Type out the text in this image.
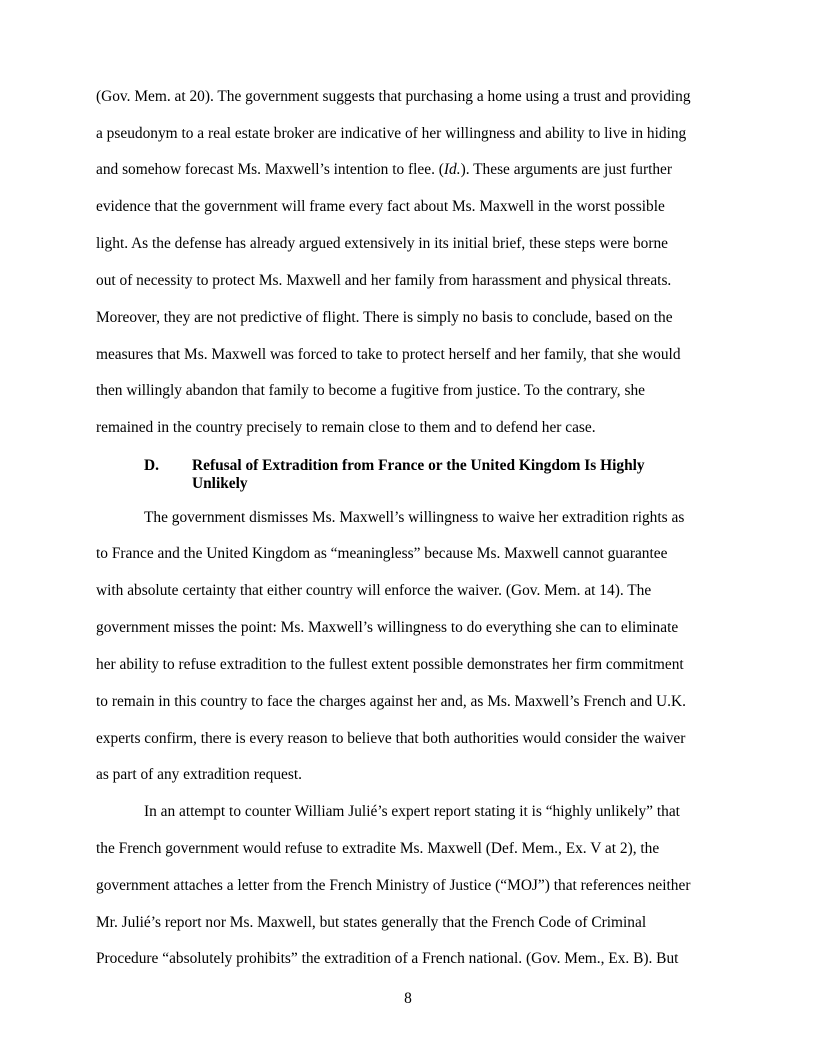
(Gov. Mem. at 20). The government suggests that purchasing a home using a trust and providing
a pseudonym to a real estate broker are indicative of her willingness and ability to live in hiding
and somehow forecast Ms. Maxwell’s intention to flee. (Id.). These arguments are just further
evidence that the government will frame every fact about Ms. Maxwell in the worst possible
light. As the defense has already argued extensively in its initial brief, these steps were borne
out of necessity to protect Ms. Maxwell and her family from harassment and physical threats.
Moreover, they are not predictive of flight. There is simply no basis to conclude, based on the
measures that Ms. Maxwell was forced to take to protect herself and her family, that she would
then willingly abandon that family to become a fugitive from justice. To the contrary, she
remained in the country precisely to remain close to them and to defend her case.
D. Refusal of Extradition from France or the United Kingdom Is Highly
Unlikely
The government dismisses Ms. Maxwell’s willingness to waive her extradition rights as
to France and the United Kingdom as “meaningless” because Ms. Maxwell cannot guarantee
with absolute certainty that either country will enforce the waiver. (Gov. Mem. at 14). The
government misses the point: Ms. Maxwell’s willingness to do everything she can to eliminate
her ability to refuse extradition to the fullest extent possible demonstrates her firm commitment
to remain in this country to face the charges against her and, as Ms. Maxwell’s French and U.K.
experts confirm, there is every reason to believe that both authorities would consider the waiver
as part of any extradition request.
In an attempt to counter William Julié’s expert report stating it is “highly unlikely” that
the French government would refuse to extradite Ms. Maxwell (Def. Mem., Ex. V at 2), the
government attaches a letter from the French Ministry of Justice (“MOJ”) that references neither
Mr. Julié’s report nor Ms. Maxwell, but states generally that the French Code of Criminal
Procedure “absolutely prohibits” the extradition of a French national. (Gov. Mem., Ex. B). But
8
